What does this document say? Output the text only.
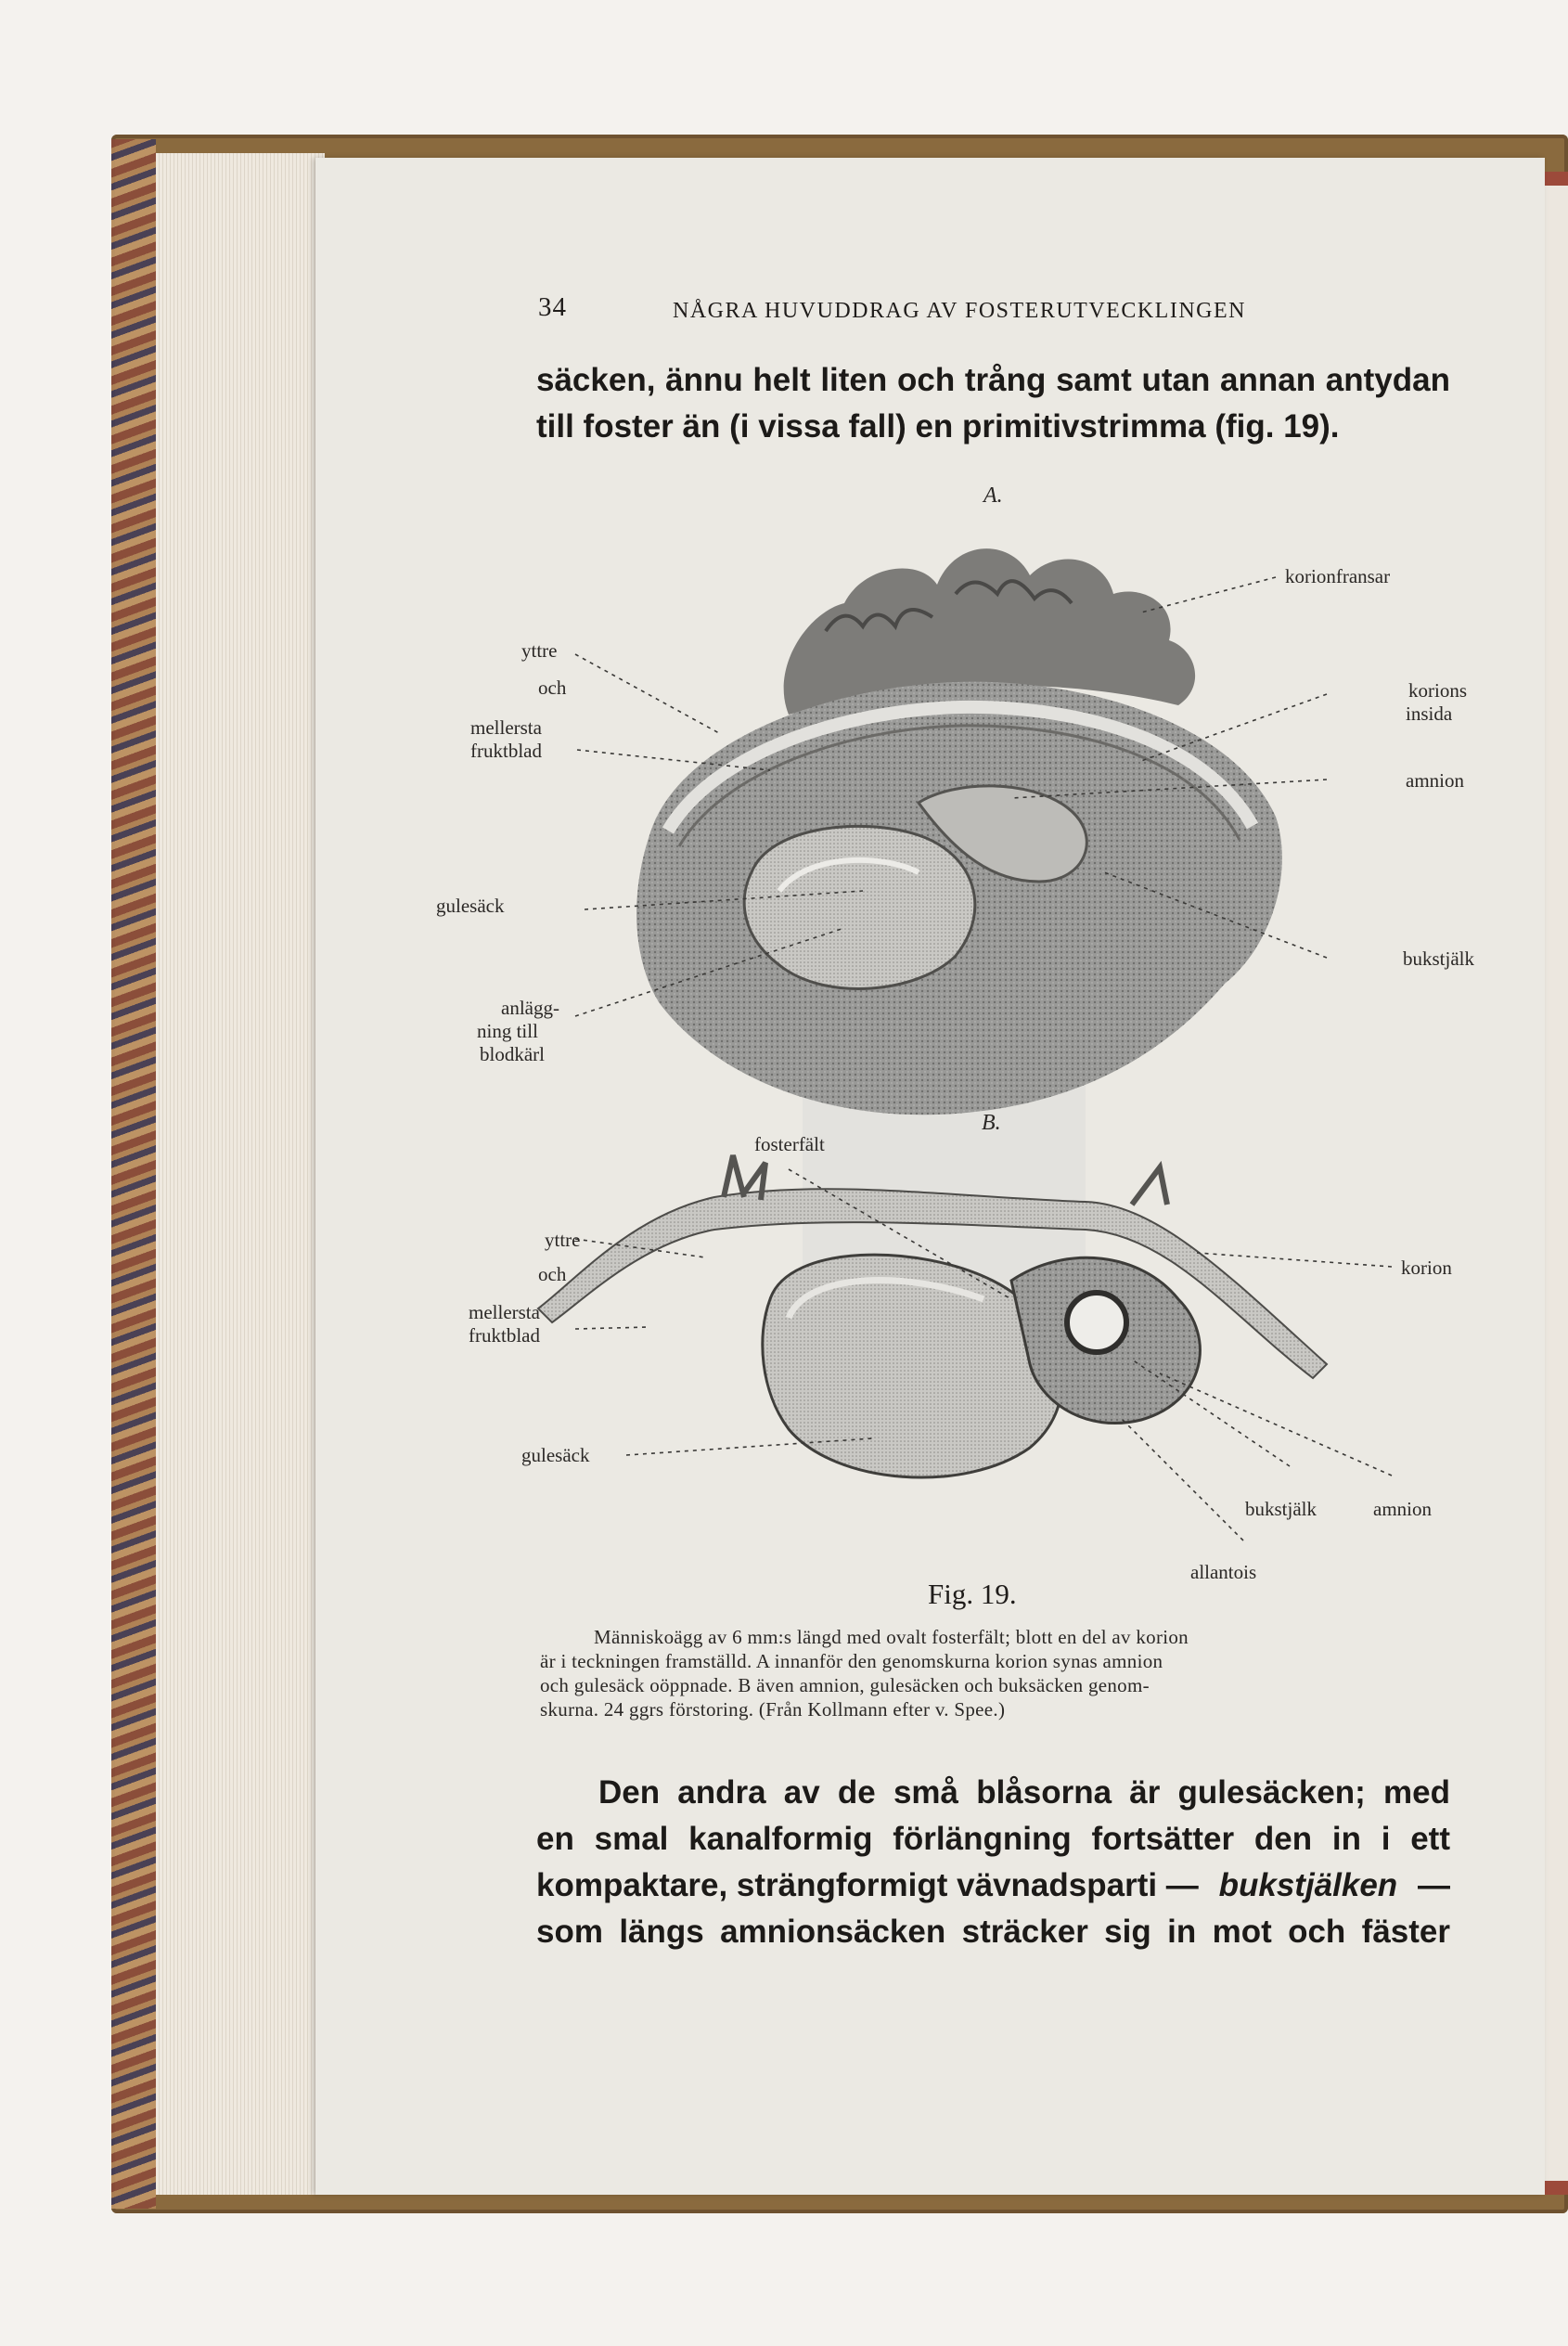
34	NÅGRA HUVUDDRAG AV FOSTERUTVECKLINGEN
säcken, ännu helt liten och trång samt utan annan antydan
till foster än (i vissa fall) en primitivstrimma (fig. 19).
A.
korionfransar
yttre
och
mellersta
fruktblad
korions
insida
amnion
gulesäck
bukstjälk
anlägg-
ning till
blodkärl
B.
fosterfält
yttre
och
mellersta
fruktblad
korion
gulesäck
bukstjälk	amnion
allantois
Fig. 19.
Människoägg av 6 mm:s längd med ovalt fosterfält; blott en del av korion
är i teckningen framställd. A innanför den genomskurna korion synas amnion
och gulesäck oöppnade. B även amnion, gulesäcken och buksäcken genom-
skurna. 24 ggrs förstoring. (Från Kollmann efter v. Spee.)
Den andra av de små blåsorna är gulesäcken; med
en smal kanalformig förlängning fortsätter den in i ett
kompaktare, strängformigt vävnadsparti — bukstjälken —
som längs amnionsäcken sträcker sig in mot och fäster
